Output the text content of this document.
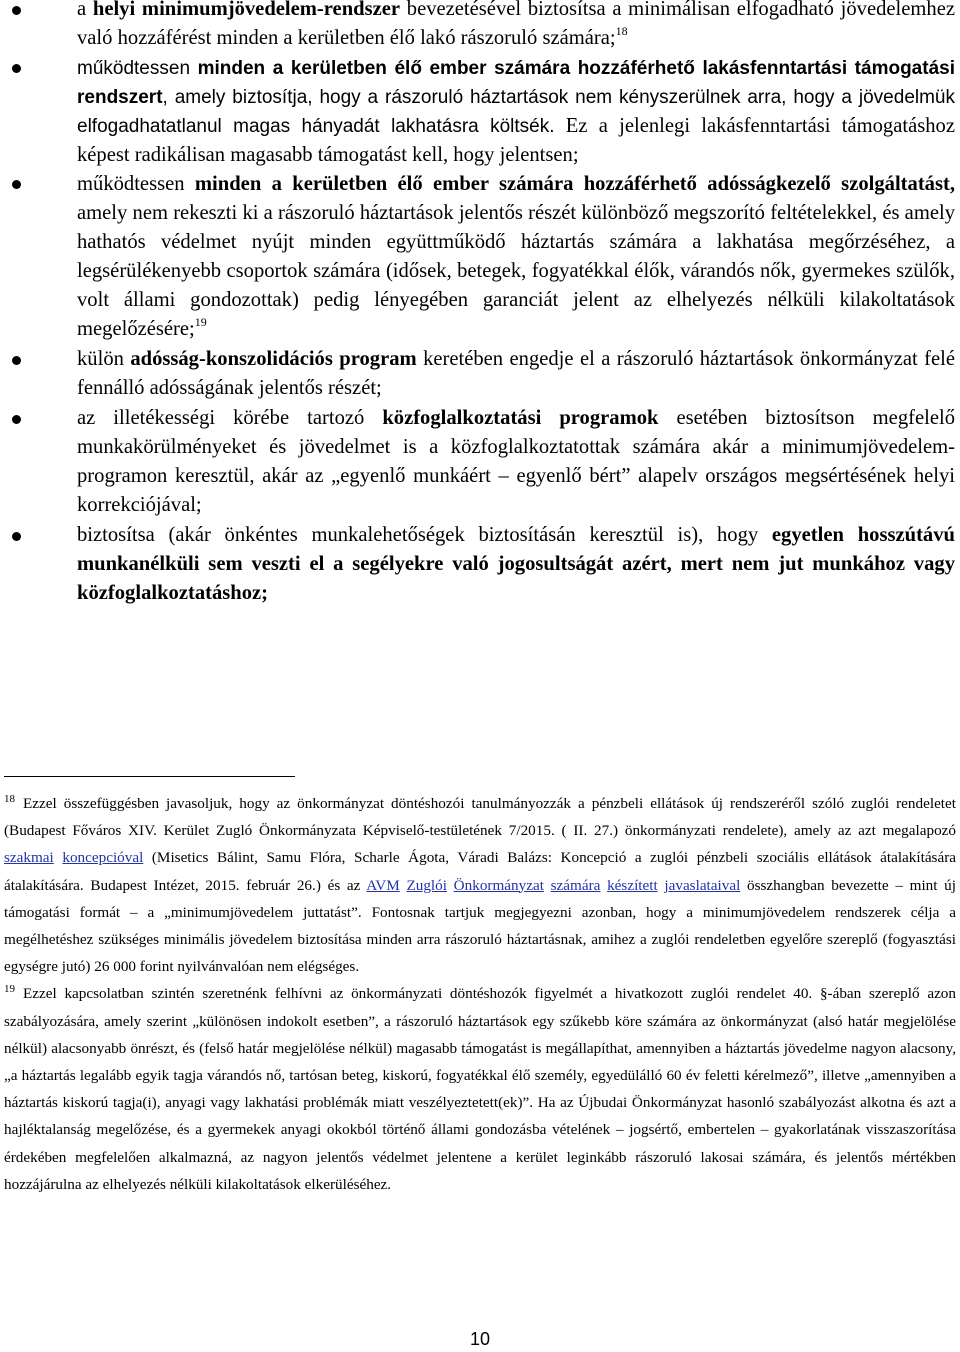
a helyi minimumjövedelem-rendszer bevezetésével biztosítsa a minimálisan elfogadható jövedelemhez való hozzáférést minden a kerületben élő lakó rászoruló számára;$^{18}$
működtessen minden a kerületben élő ember számára hozzáférhető lakásfenntartási támogatási rendszert, amely biztosítja, hogy a rászoruló háztartások nem kényszerülnek arra, hogy a jövedelmük elfogadhatatlanul magas hányadát lakhatásra költsék. Ez a jelenlegi lakásfenntartási támogatáshoz képest radikálisan magasabb támogatást kell, hogy jelentsen;
működtessen minden a kerületben élő ember számára hozzáférhető adósságkezelő szolgáltatást, amely nem rekeszti ki a rászoruló háztartások jelentős részét különböző megszorító feltételekkel, és amely hathatós védelmet nyújt minden együttműködő háztartás számára a lakhatása megőrzéséhez, a legsérülékenyebb csoportok számára (idősek, betegek, fogyatékkal élők, várandós nők, gyermekes szülők, volt állami gondozottak) pedig lényegében garanciát jelent az elhelyezés nélküli kilakoltatások megelőzésére;$^{19}$
külön adósság-konszolidációs program keretében engedje el a rászoruló háztartások önkormányzat felé fennálló adósságának jelentős részét;
az illetékességi körébe tartozó közfoglalkoztatási programok esetében biztosítson megfelelő munkakörülményeket és jövedelmet is a közfoglalkoztatottak számára akár a minimumjövedelem-programon keresztül, akár az „egyenlő munkáért – egyenlő bért” alapelv országos megsértésének helyi korrekciójával;
biztosítsa (akár önkéntes munkalehetőségek biztosításán keresztül is), hogy egyetlen hosszútávú munkanélküli sem veszti el a segélyekre való jogosultságát azért, mert nem jut munkához vagy közfoglalkoztatáshoz;
$^{18}$ Ezzel összefüggésben javasoljuk, hogy az önkormányzat döntéshozói tanulmányozzák a pénzbeli ellátások új rendszeréről szóló zuglói rendeletet (Budapest Főváros XIV. Kerület Zugló Önkormányzata Képviselő-testületének 7/2015. ( II. 27.) önkormányzati rendelete), amely az azt megalapozó szakmai koncepcióval (Misetics Bálint, Samu Flóra, Scharle Ágota, Váradi Balázs: Koncepció a zuglói pénzbeli szociális ellátások átalakítására átalakítására. Budapest Intézet, 2015. február 26.) és az AVM Zuglói Önkormányzat számára készített javaslataival összhangban bevezette – mint új támogatási formát – a „minimumjövedelem juttatást”. Fontosnak tartjuk megjegyezni azonban, hogy a minimumjövedelem rendszerek célja a megélhetéshez szükséges minimális jövedelem biztosítása minden arra rászoruló háztartásnak, amihez a zuglói rendeletben egyelőre szereplő (fogyasztási egységre jutó) 26 000 forint nyilvánvalóan nem elégséges.
$^{19}$ Ezzel kapcsolatban szintén szeretnénk felhívni az önkormányzati döntéshozók figyelmét a hivatkozott zuglói rendelet 40. §-ában szereplő azon szabályozására, amely szerint „különösen indokolt esetben”, a rászoruló háztartások egy szűkebb köre számára az önkormányzat (alsó határ megjelölése nélkül) alacsonyabb önrészt, és (felső határ megjelölése nélkül) magasabb támogatást is megállapíthat, amennyiben a háztartás jövedelme nagyon alacsony, „a háztartás legalább egyik tagja várandós nő, tartósan beteg, kiskorú, fogyatékkal élő személy, egyedülálló 60 év feletti kérelmező”, illetve „amennyiben a háztartás kiskorú tagja(i), anyagi vagy lakhatási problémák miatt veszélyeztetett(ek)”. Ha az Újbudai Önkormányzat hasonló szabályozást alkotna és azt a hajléktalanság megelőzése, és a gyermekek anyagi okokból történő állami gondozásba vételének – jogsértő, embertelen – gyakorlatának visszaszorítása érdekében megfelelően alkalmazná, az nagyon jelentős védelmet jelentene a kerület leginkább rászoruló lakosai számára, és jelentős mértékben hozzájárulna az elhelyezés nélküli kilakoltatások elkerüléséhez.
10
